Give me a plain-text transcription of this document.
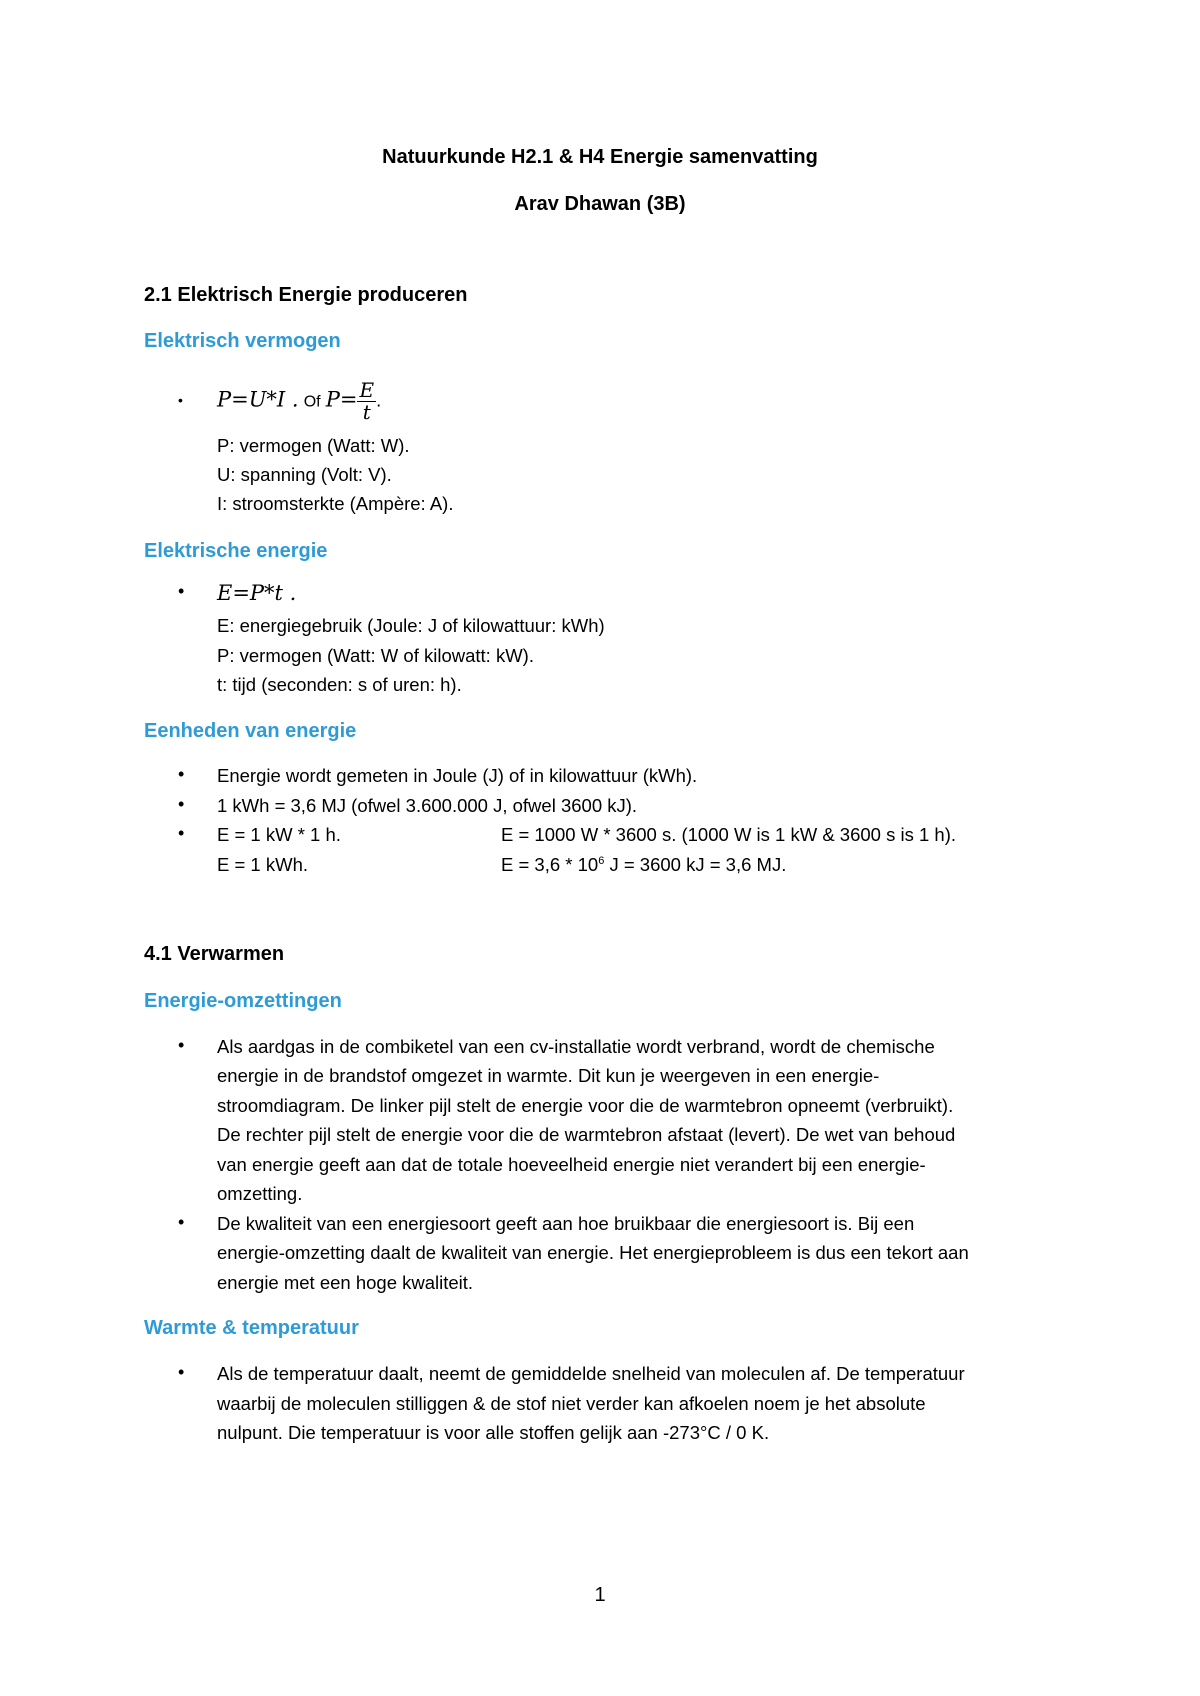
Natuurkunde H2.1 & H4 Energie samenvatting
Arav Dhawan (3B)
2.1 Elektrisch Energie produceren
Elektrisch vermogen
• P=U*I . Of $P= \frac{E}{t}$ .
P: vermogen (Watt: W).
U: spanning (Volt: V).
I: stroomsterkte (Ampère: A).
Elektrische energie
• E=P*t .
E: energiegebruik (Joule: J of kilowattuur: kWh)
P: vermogen (Watt: W of kilowatt: kW).
t: tijd (seconden: s of uren: h).
Eenheden van energie
• Energie wordt gemeten in Joule (J) of in kilowattuur (kWh).
• 1 kWh = 3,6 MJ (ofwel 3.600.000 J, ofwel 3600 kJ).
• E = 1 kW * 1 h.	E = 1000 W * 3600 s. (1000 W is 1 kW & 3600 s is 1 h).
E = 1 kWh.	$E = 3,6 * 10^6$ J = 3600 kJ = 3,6 MJ.
4.1 Verwarmen
Energie-omzettingen
• Als aardgas in de combiketel van een cv-installatie wordt verbrand, wordt de chemische
energie in de brandstof omgezet in warmte. Dit kun je weergeven in een energie-
stroomdiagram. De linker pijl stelt de energie voor die de warmtebron opneemt (verbruikt).
De rechter pijl stelt de energie voor die de warmtebron afstaat (levert). De wet van behoud
van energie geeft aan dat de totale hoeveelheid energie niet verandert bij een energie-
omzetting.
• De kwaliteit van een energiesoort geeft aan hoe bruikbaar die energiesoort is. Bij een
energie-omzetting daalt de kwaliteit van energie. Het energieprobleem is dus een tekort aan
energie met een hoge kwaliteit.
Warmte & temperatuur
• Als de temperatuur daalt, neemt de gemiddelde snelheid van moleculen af. De temperatuur
waarbij de moleculen stilliggen & de stof niet verder kan afkoelen noem je het absolute
nulpunt. Die temperatuur is voor alle stoffen gelijk aan -273°C / 0 K.
1
